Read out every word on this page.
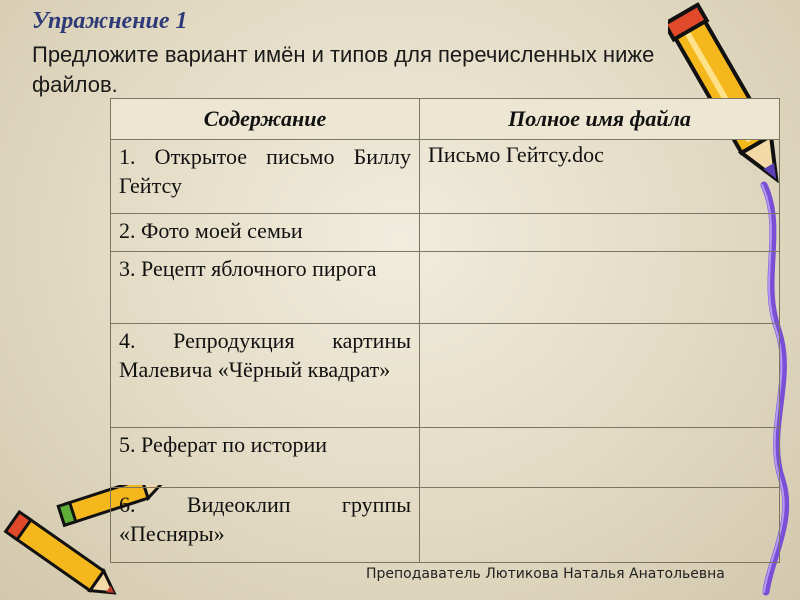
Упражнение 1

Предложите вариант имён и типов для перечисленных ниже файлов.

Содержание	Полное имя файла
1. Открытое письмо Биллу Гейтсу	Письмо Гейтсу.doc
2. Фото моей семьи	
3. Рецепт яблочного пирога	
4. Репродукция картины Малевича «Чёрный квадрат»	
5. Реферат по истории	
6. Видеоклип группы «Песняры»	

Преподаватель Лютикова Наталья Анатольевна
